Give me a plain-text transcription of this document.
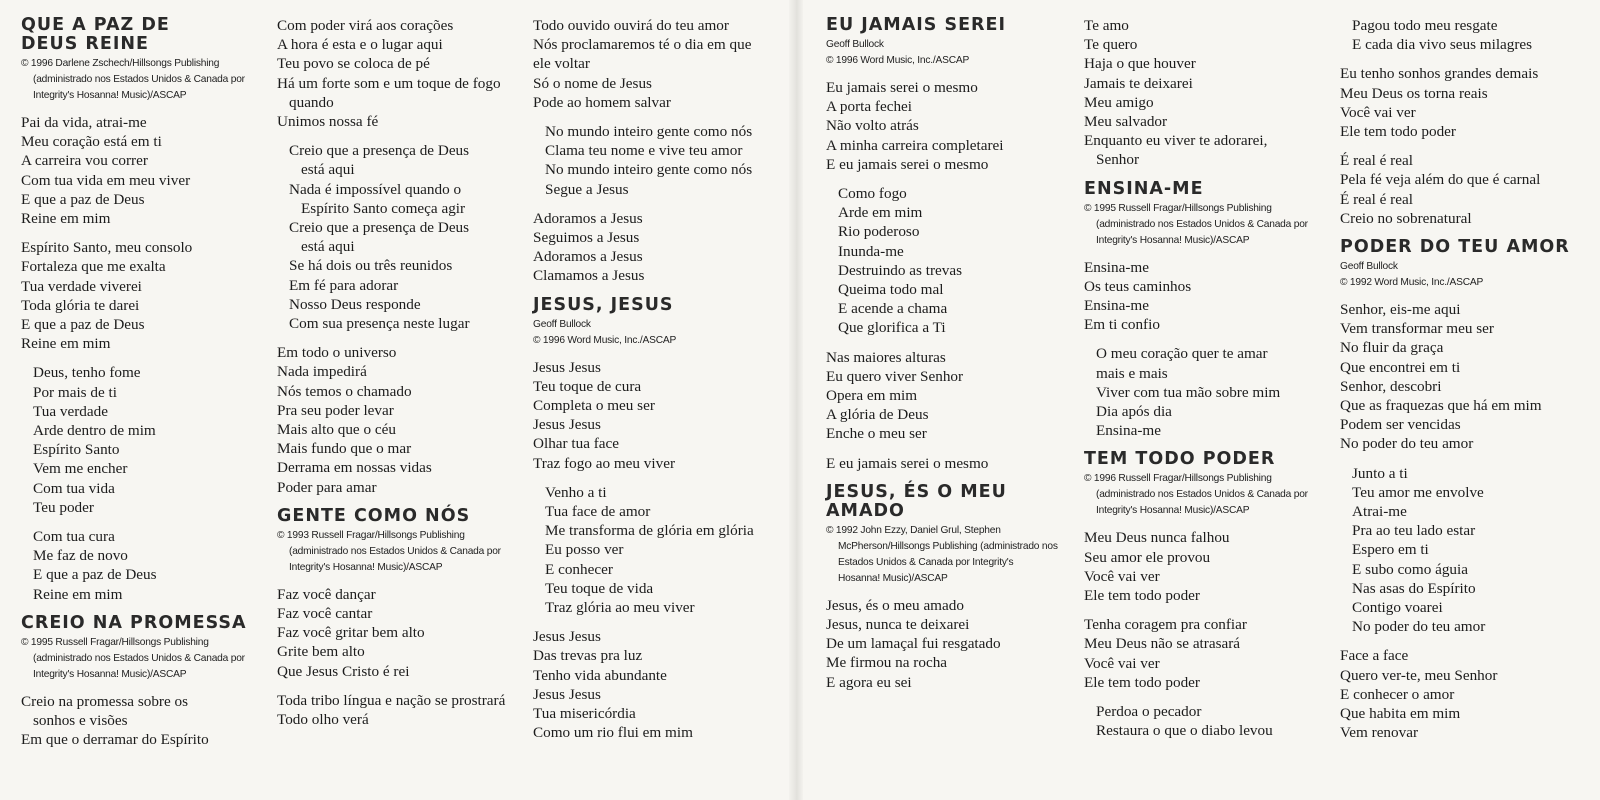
QUE A PAZ DE
DEUS REINE
© 1996 Darlene Zschech/Hillsongs Publishing
(administrado nos Estados Unidos & Canada por
Integrity's Hosanna! Music)/ASCAP
Pai da vida, atrai-me
Meu coração está em ti
A carreira vou correr
Com tua vida em meu viver
E que a paz de Deus
Reine em mim
Espírito Santo, meu consolo
Fortaleza que me exalta
Tua verdade viverei
Toda glória te darei
E que a paz de Deus
Reine em mim
Deus, tenho fome
Por mais de ti
Tua verdade
Arde dentro de mim
Espírito Santo
Vem me encher
Com tua vida
Teu poder
Com tua cura
Me faz de novo
E que a paz de Deus
Reine em mim
CREIO NA PROMESSA
© 1995 Russell Fragar/Hillsongs Publishing
(administrado nos Estados Unidos & Canada por
Integrity's Hosanna! Music)/ASCAP
Creio na promessa sobre os
sonhos e visões
Em que o derramar do Espírito
Com poder virá aos corações
A hora é esta e o lugar aqui
Teu povo se coloca de pé
Há um forte som e um toque de fogo
quando
Unimos nossa fé
Creio que a presença de Deus
está aqui
Nada é impossível quando o
Espírito Santo começa agir
Creio que a presença de Deus
está aqui
Se há dois ou três reunidos
Em fé para adorar
Nosso Deus responde
Com sua presença neste lugar
Em todo o universo
Nada impedirá
Nós temos o chamado
Pra seu poder levar
Mais alto que o céu
Mais fundo que o mar
Derrama em nossas vidas
Poder para amar
GENTE COMO NÓS
© 1993 Russell Fragar/Hillsongs Publishing
(administrado nos Estados Unidos & Canada por
Integrity's Hosanna! Music)/ASCAP
Faz você dançar
Faz você cantar
Faz você gritar bem alto
Grite bem alto
Que Jesus Cristo é rei
Toda tribo língua e nação se prostrará
Todo olho verá
Todo ouvido ouvirá do teu amor
Nós proclamaremos té o dia em que
ele voltar
Só o nome de Jesus
Pode ao homem salvar
No mundo inteiro gente como nós
Clama teu nome e vive teu amor
No mundo inteiro gente como nós
Segue a Jesus
Adoramos a Jesus
Seguimos a Jesus
Adoramos a Jesus
Clamamos a Jesus
JESUS, JESUS
Geoff Bullock
© 1996 Word Music, Inc./ASCAP
Jesus Jesus
Teu toque de cura
Completa o meu ser
Jesus Jesus
Olhar tua face
Traz fogo ao meu viver
Venho a ti
Tua face de amor
Me transforma de glória em glória
Eu posso ver
E conhecer
Teu toque de vida
Traz glória ao meu viver
Jesus Jesus
Das trevas pra luz
Tenho vida abundante
Jesus Jesus
Tua misericórdia
Como um rio flui em mim
EU JAMAIS SEREI
Geoff Bullock
© 1996 Word Music, Inc./ASCAP
Eu jamais serei o mesmo
A porta fechei
Não volto atrás
A minha carreira completarei
E eu jamais serei o mesmo
Como fogo
Arde em mim
Rio poderoso
Inunda-me
Destruindo as trevas
Queima todo mal
E acende a chama
Que glorifica a Ti
Nas maiores alturas
Eu quero viver Senhor
Opera em mim
A glória de Deus
Enche o meu ser
E eu jamais serei o mesmo
JESUS, ÉS O MEU
AMADO
© 1992 John Ezzy, Daniel Grul, Stephen
McPherson/Hillsongs Publishing (administrado nos
Estados Unidos & Canada por Integrity's
Hosanna! Music)/ASCAP
Jesus, és o meu amado
Jesus, nunca te deixarei
De um lamaçal fui resgatado
Me firmou na rocha
E agora eu sei
Te amo
Te quero
Haja o que houver
Jamais te deixarei
Meu amigo
Meu salvador
Enquanto eu viver te adorarei,
Senhor
ENSINA-ME
© 1995 Russell Fragar/Hillsongs Publishing
(administrado nos Estados Unidos & Canada por
Integrity's Hosanna! Music)/ASCAP
Ensina-me
Os teus caminhos
Ensina-me
Em ti confio
O meu coração quer te amar
mais e mais
Viver com tua mão sobre mim
Dia após dia
Ensina-me
TEM TODO PODER
© 1996 Russell Fragar/Hillsongs Publishing
(administrado nos Estados Unidos & Canada por
Integrity's Hosanna! Music)/ASCAP
Meu Deus nunca falhou
Seu amor ele provou
Você vai ver
Ele tem todo poder
Tenha coragem pra confiar
Meu Deus não se atrasará
Você vai ver
Ele tem todo poder
Perdoa o pecador
Restaura o que o diabo levou
Pagou todo meu resgate
E cada dia vivo seus milagres
Eu tenho sonhos grandes demais
Meu Deus os torna reais
Você vai ver
Ele tem todo poder
É real é real
Pela fé veja além do que é carnal
É real é real
Creio no sobrenatural
PODER DO TEU AMOR
Geoff Bullock
© 1992 Word Music, Inc./ASCAP
Senhor, eis-me aqui
Vem transformar meu ser
No fluir da graça
Que encontrei em ti
Senhor, descobri
Que as fraquezas que há em mim
Podem ser vencidas
No poder do teu amor
Junto a ti
Teu amor me envolve
Atrai-me
Pra ao teu lado estar
Espero em ti
E subo como águia
Nas asas do Espírito
Contigo voarei
No poder do teu amor
Face a face
Quero ver-te, meu Senhor
E conhecer o amor
Que habita em mim
Vem renovar
